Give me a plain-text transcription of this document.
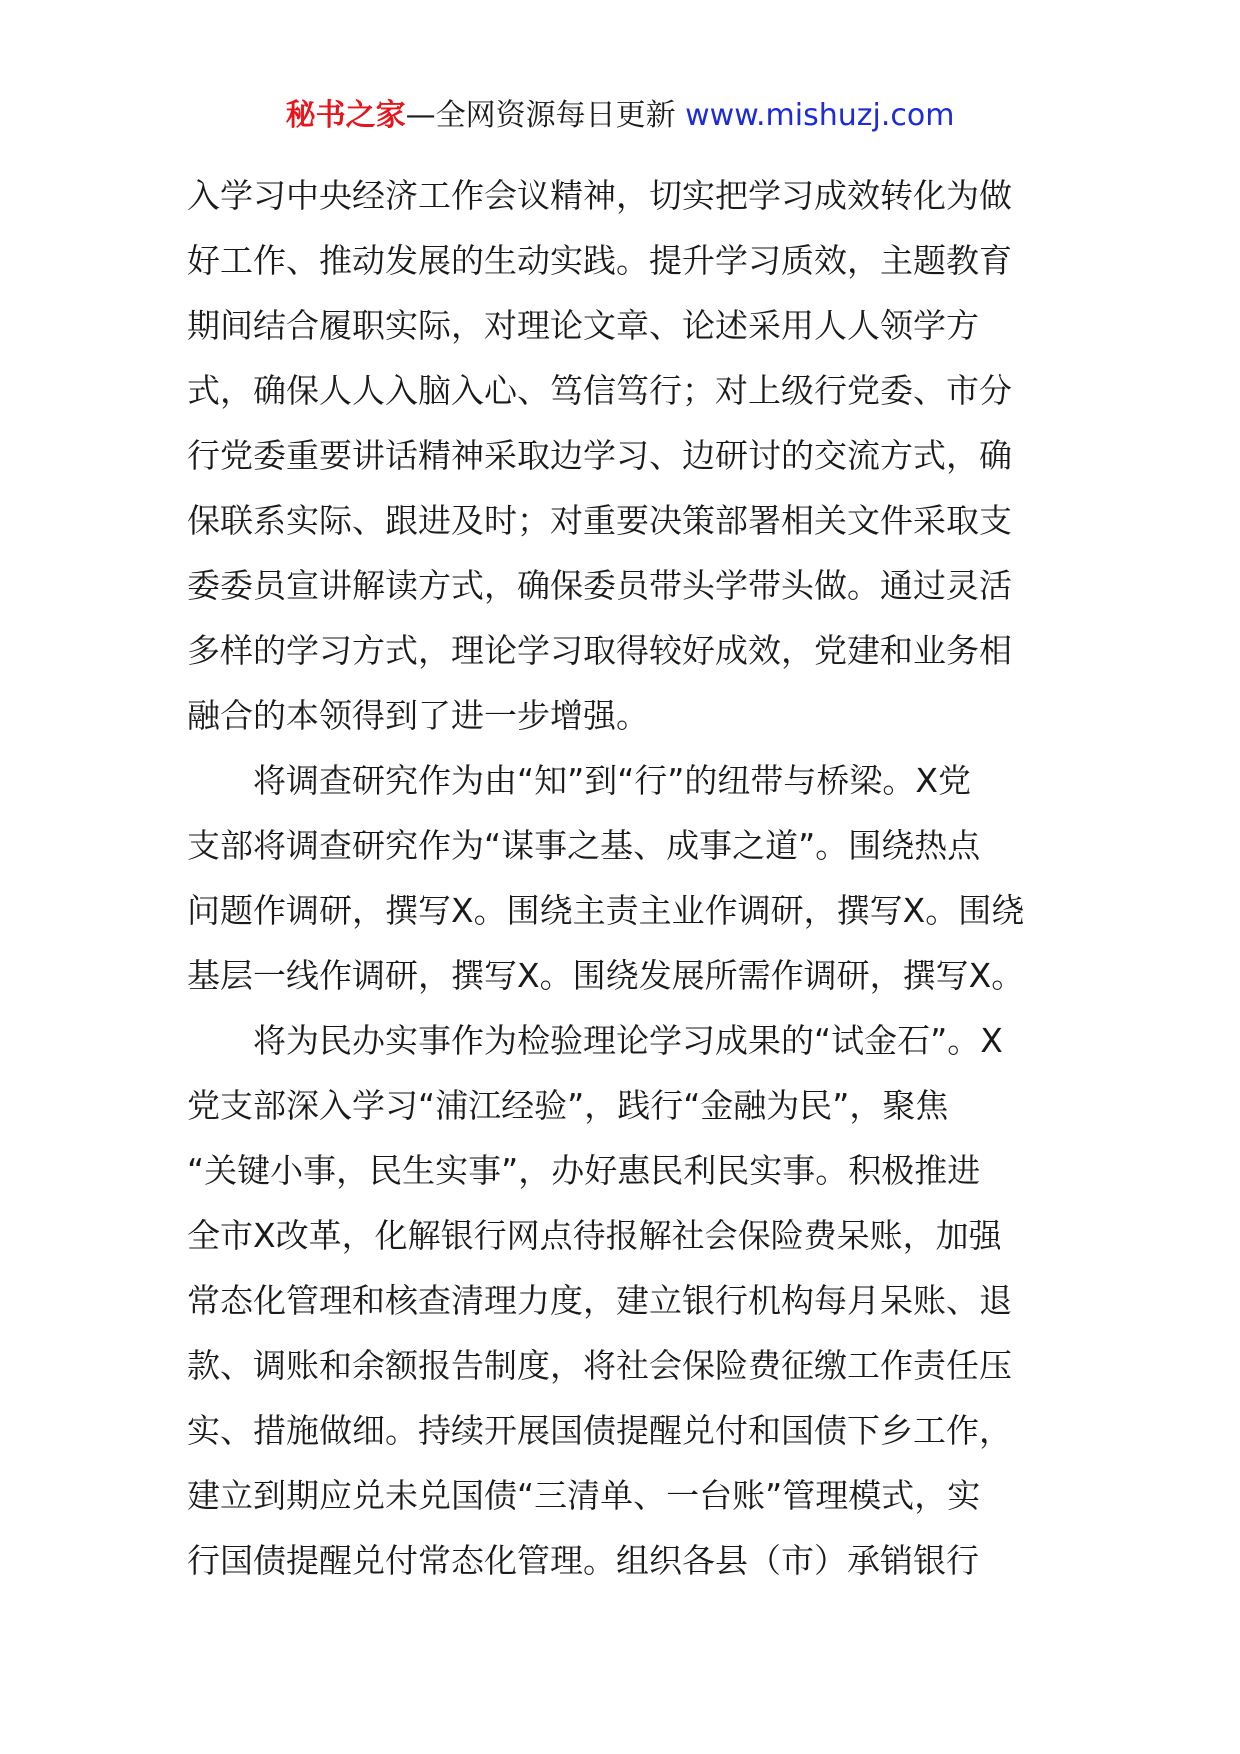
秘书之家—全网资源每日更新 www.mishuzj.com
入学习中央经济工作会议精神，切实把学习成效转化为做
好工作、推动发展的生动实践。提升学习质效，主题教育
期间结合履职实际，对理论文章、论述采用人人领学方
式，确保人人入脑入心、笃信笃行；对上级行党委、市分
行党委重要讲话精神采取边学习、边研讨的交流方式，确
保联系实际、跟进及时；对重要决策部署相关文件采取支
委委员宣讲解读方式，确保委员带头学带头做。通过灵活
多样的学习方式，理论学习取得较好成效，党建和业务相
融合的本领得到了进一步增强。
将调查研究作为由“知”到“行”的纽带与桥梁。X党
支部将调查研究作为“谋事之基、成事之道”。围绕热点
问题作调研，撰写X。围绕主责主业作调研，撰写X。围绕
基层一线作调研，撰写X。围绕发展所需作调研，撰写X。
将为民办实事作为检验理论学习成果的“试金石”。X
党支部深入学习“浦江经验”，践行“金融为民”，聚焦
“关键小事，民生实事”，办好惠民利民实事。积极推进
全市X改革，化解银行网点待报解社会保险费呆账，加强
常态化管理和核查清理力度，建立银行机构每月呆账、退
款、调账和余额报告制度，将社会保险费征缴工作责任压
实、措施做细。持续开展国债提醒兑付和国债下乡工作，
建立到期应兑未兑国债“三清单、一台账”管理模式，实
行国债提醒兑付常态化管理。组织各县（市）承销银行
